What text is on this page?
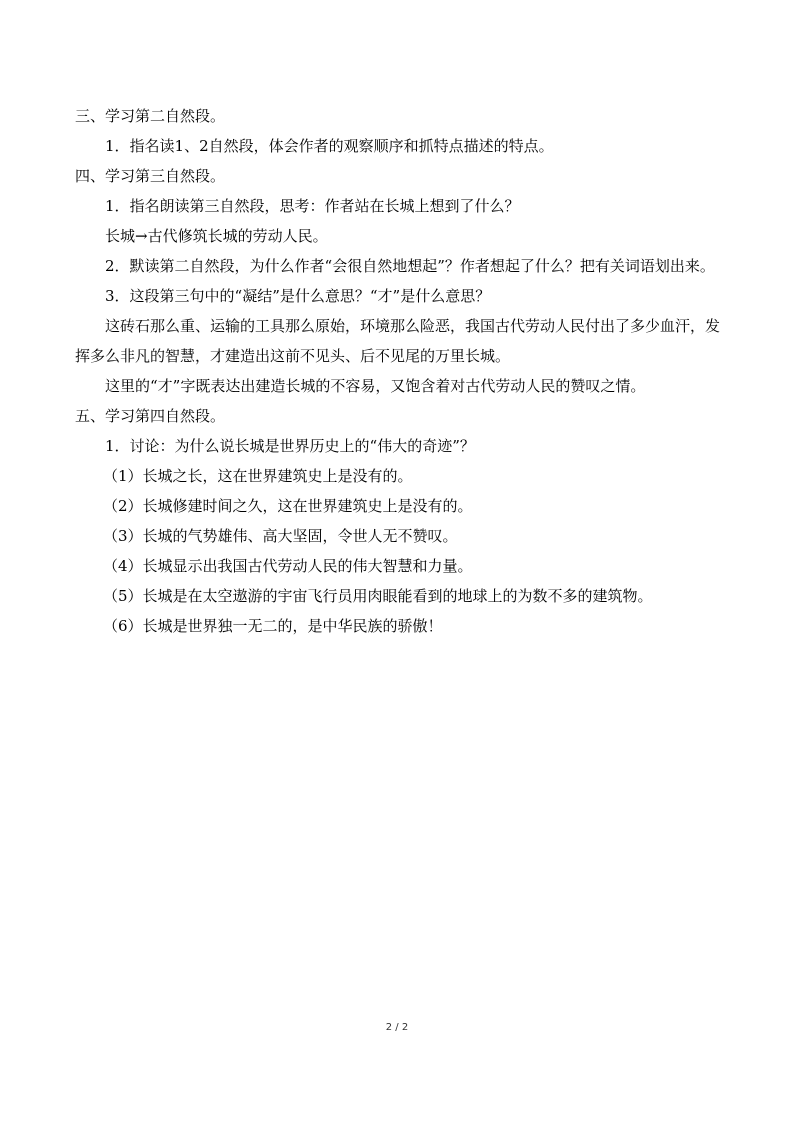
三、学习第二自然段。

1．指名读1、2自然段，体会作者的观察顺序和抓特点描述的特点。

四、学习第三自然段。

1．指名朗读第三自然段，思考：作者站在长城上想到了什么？

长城→古代修筑长城的劳动人民。

2．默读第二自然段，为什么作者“会很自然地想起”？作者想起了什么？把有关词语划出来。

3．这段第三句中的“凝结”是什么意思？“才”是什么意思？

这砖石那么重、运输的工具那么原始，环境那么险恶，我国古代劳动人民付出了多少血汗，发挥多么非凡的智慧，才建造出这前不见头、后不见尾的万里长城。

这里的“才”字既表达出建造长城的不容易，又饱含着对古代劳动人民的赞叹之情。

五、学习第四自然段。

1．讨论：为什么说长城是世界历史上的“伟大的奇迹”？

（1）长城之长，这在世界建筑史上是没有的。

（2）长城修建时间之久，这在世界建筑史上是没有的。

（3）长城的气势雄伟、高大坚固，令世人无不赞叹。

（4）长城显示出我国古代劳动人民的伟大智慧和力量。

（5）长城是在太空遨游的宇宙飞行员用肉眼能看到的地球上的为数不多的建筑物。

（6）长城是世界独一无二的，是中华民族的骄傲！

2 / 2
